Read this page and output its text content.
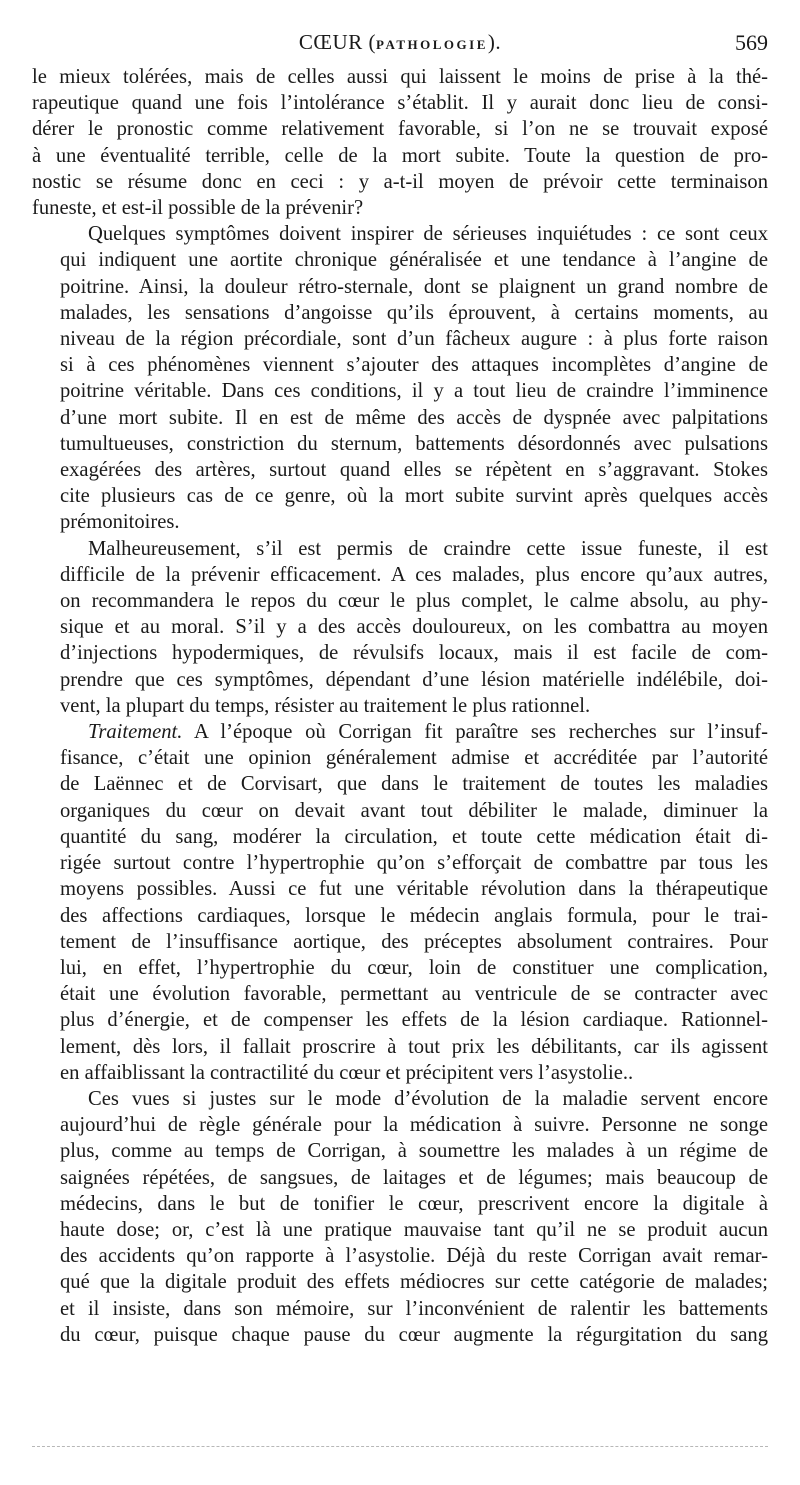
CŒUR (PATHOLOGIE).	569
le mieux tolérées, mais de celles aussi qui laissent le moins de prise à la thé-
rapeutique quand une fois l’intolérance s’établit. Il y aurait donc lieu de consi-
dérer le pronostic comme relativement favorable, si l’on ne se trouvait exposé
à une éventualité terrible, celle de la mort subite. Toute la question de pro-
nostic se résume donc en ceci : y a-t-il moyen de prévoir cette terminaison
funeste, et est-il possible de la prévenir?
Quelques symptômes doivent inspirer de sérieuses inquiétudes : ce sont ceux
qui indiquent une aortite chronique généralisée et une tendance à l’angine de
poitrine. Ainsi, la douleur rétro-sternale, dont se plaignent un grand nombre de
malades, les sensations d’angoisse qu’ils éprouvent, à certains moments, au
niveau de la région précordiale, sont d’un fâcheux augure : à plus forte raison
si à ces phénomènes viennent s’ajouter des attaques incomplètes d’angine de
poitrine véritable. Dans ces conditions, il y a tout lieu de craindre l’imminence
d’une mort subite. Il en est de même des accès de dyspnée avec palpitations
tumultueuses, constriction du sternum, battements désordonnés avec pulsations
exagérées des artères, surtout quand elles se répètent en s’aggravant. Stokes
cite plusieurs cas de ce genre, où la mort subite survint après quelques accès
prémonitoires.
Malheureusement, s’il est permis de craindre cette issue funeste, il est
difficile de la prévenir efficacement. A ces malades, plus encore qu’aux autres,
on recommandera le repos du cœur le plus complet, le calme absolu, au phy-
sique et au moral. S’il y a des accès douloureux, on les combattra au moyen
d’injections hypodermiques, de révulsifs locaux, mais il est facile de com-
prendre que ces symptômes, dépendant d’une lésion matérielle indélébile, doi-
vent, la plupart du temps, résister au traitement le plus rationnel.
Traitement. A l’époque où Corrigan fit paraître ses recherches sur l’insuf-
fisance, c’était une opinion généralement admise et accréditée par l’autorité
de Laënnec et de Corvisart, que dans le traitement de toutes les maladies
organiques du cœur on devait avant tout débiliter le malade, diminuer la
quantité du sang, modérer la circulation, et toute cette médication était di-
rigée surtout contre l’hypertrophie qu’on s’efforçait de combattre par tous les
moyens possibles. Aussi ce fut une véritable révolution dans la thérapeutique
des affections cardiaques, lorsque le médecin anglais formula, pour le trai-
tement de l’insuffisance aortique, des préceptes absolument contraires. Pour
lui, en effet, l’hypertrophie du cœur, loin de constituer une complication,
était une évolution favorable, permettant au ventricule de se contracter avec
plus d’énergie, et de compenser les effets de la lésion cardiaque. Rationnel-
lement, dès lors, il fallait proscrire à tout prix les débilitants, car ils agissent
en affaiblissant la contractilité du cœur et précipitent vers l’asystolie..
Ces vues si justes sur le mode d’évolution de la maladie servent encore
aujourd’hui de règle générale pour la médication à suivre. Personne ne songe
plus, comme au temps de Corrigan, à soumettre les malades à un régime de
saignées répétées, de sangsues, de laitages et de légumes; mais beaucoup de
médecins, dans le but de tonifier le cœur, prescrivent encore la digitale à
haute dose; or, c’est là une pratique mauvaise tant qu’il ne se produit aucun
des accidents qu’on rapporte à l’asystolie. Déjà du reste Corrigan avait remar-
qué que la digitale produit des effets médiocres sur cette catégorie de malades;
et il insiste, dans son mémoire, sur l’inconvénient de ralentir les battements
du cœur, puisque chaque pause du cœur augmente la régurgitation du sang
